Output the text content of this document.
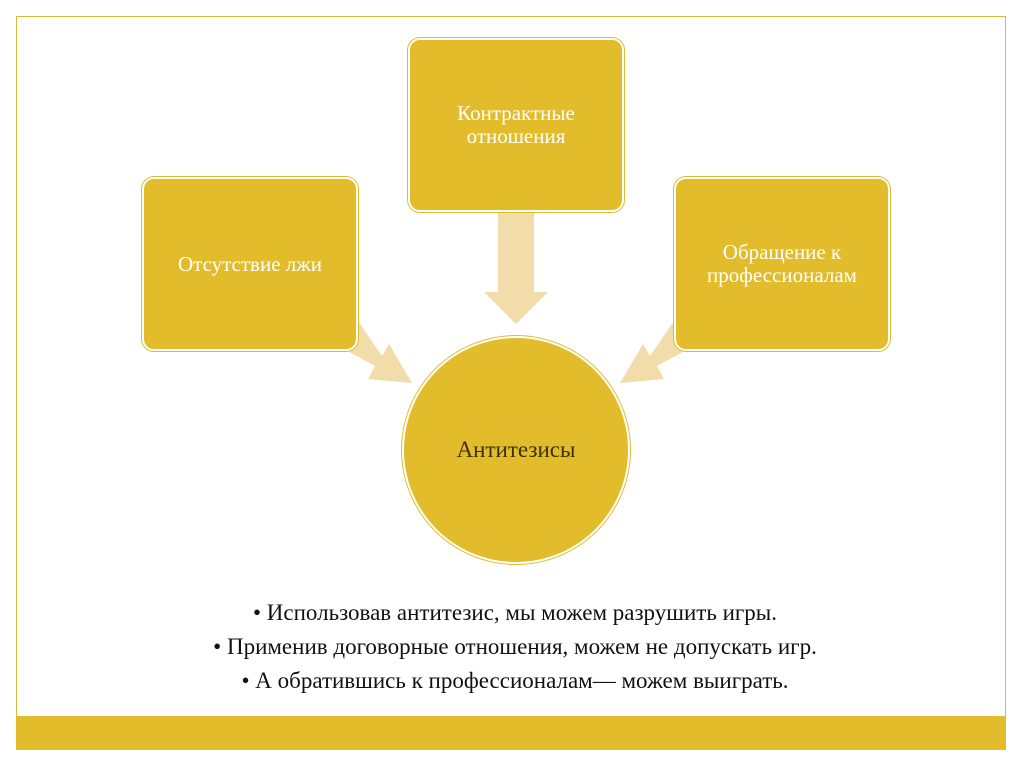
Контрактные
отношения
Отсутствие лжи	Обращение к
профессионалам
Антитезисы
• Использовав антитезис, мы можем разрушить игры.
• Применив договорные отношения, можем не допускать игр.
• А обратившись к профессионалам— можем выиграть.
